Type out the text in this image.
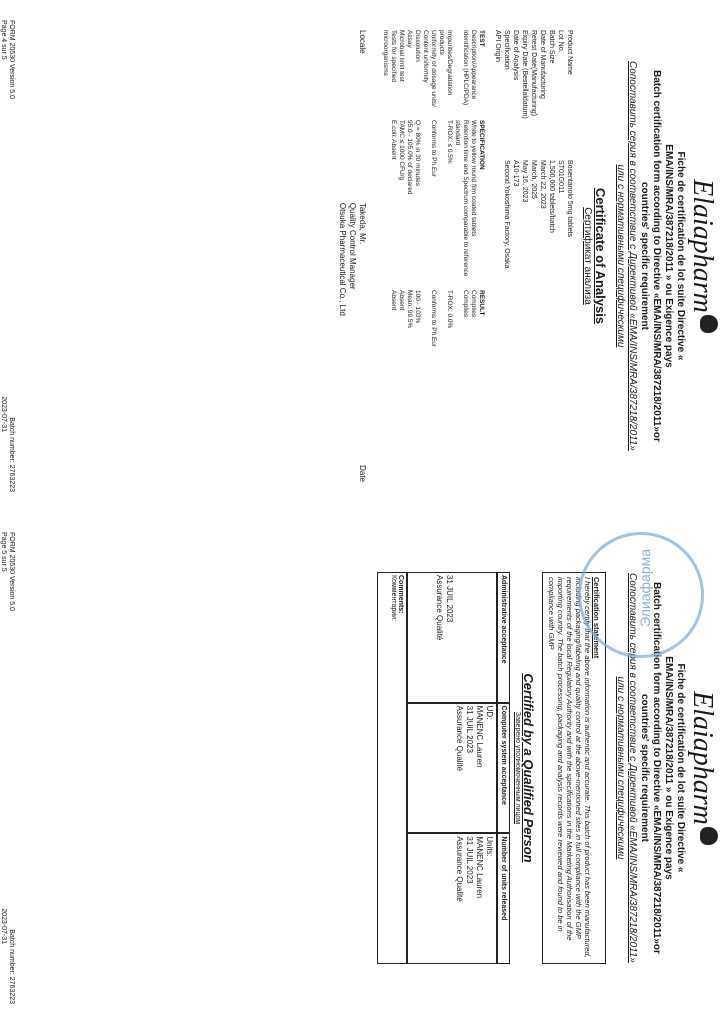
Elaiapharm
Fiche de certification de lot suite Directive «
EMA/INS/MRA/387218/2011 » ou Exigence pays
Batch certification form according to Directive «EMA/INS/MRA/387218/2011»or
countries' specific requirement
Сопоставить серия в соответствие с Директивой «EMA/INS/MRA/387218/2011»
или с нормативными специфическими
Certificate of Analysis
Сертификат анализа
Product Name
Bosentanolo 5mg tablets
Lot No.
ST01G011
Batch Size
1,500,000 tablets/batch
Date of Manufacturing
March 22, 2023
Retest Date(Manufacturing)
March, 2025
Expiry Date (Bestellaldatum)
May 16, 2023
Date of Analysis
A10-173
Specification
Second Yokoshima Factory, Osaka
API Origin
TEST
SPECIFICATION
RESULT
Description/Appearance
White to yellow round film coated tablets
Complies
Identification (HPLC/PDA)
Retention time and Spectrum comparable to reference standard
Complies
Impurities/Degradation products
T-ROX: ≤ 0.5%
T-ROX: 0.0%
Uniformity of dosage units/ Content uniformity
Conforms to Ph.Eur
Conforms to Ph.Eur
Dissolution
Q = 80% in 30 minutes
100 - 103%
Assay
95.0 - 105.0% of declared
Mean: 99.5%
Microbial limit test
TAMC ≤ 1000 CFU/g
Absent
Tests for specified microorganisms
E.coli: Absent
Absent
Locale
Takeda, Mr.
Quality Control Manager
Otsuka Pharmaceutical Co., Ltd
Date
FORM 20530 Version 5.0
Page 4 sur 5
Batch number: 2763223
2023-07-31
Elaiapharm
Fiche de certification de lot suite Directive «
EMA/INS/MRA/387218/2011 » ou Exigence pays
Batch certification form according to Directive «EMA/INS/MRA/387218/2011»or
countries' specific requirement
Сопоставить серия в соответствие с Директивой «EMA/INS/MRA/387218/2011»
или с нормативными специфическими
Certification statement
I hereby certify that the above information is authentic and accurate. This batch of product has been manufactured, including packaging/labeling and quality control at the above-mentioned sites in full compliance with the GMP requirements of the local Regulatory Authority and with the specifications in the Marketing Authorisation of the importing country. The batch processing, packaging and analysis records were reviewed and found to be in compliance with GMP
Certified by a Qualified Person
Заверено уполномоченным лицом
Administrative acceptance
Computer system acceptance
Number of units released
31 JUIL 2023
Assurance Qualité
UD:
MANENC Lauren
31 JUIL 2023
Assurance Qualité
Units:
MANENC Lauren
31 JUIL 2023
Assurance Qualité
Comments:
Комментарии:	Элиафарма
FORM 20530 Version 5.0
Page 5 sur 5
Batch number: 2763223
2023-07-31
